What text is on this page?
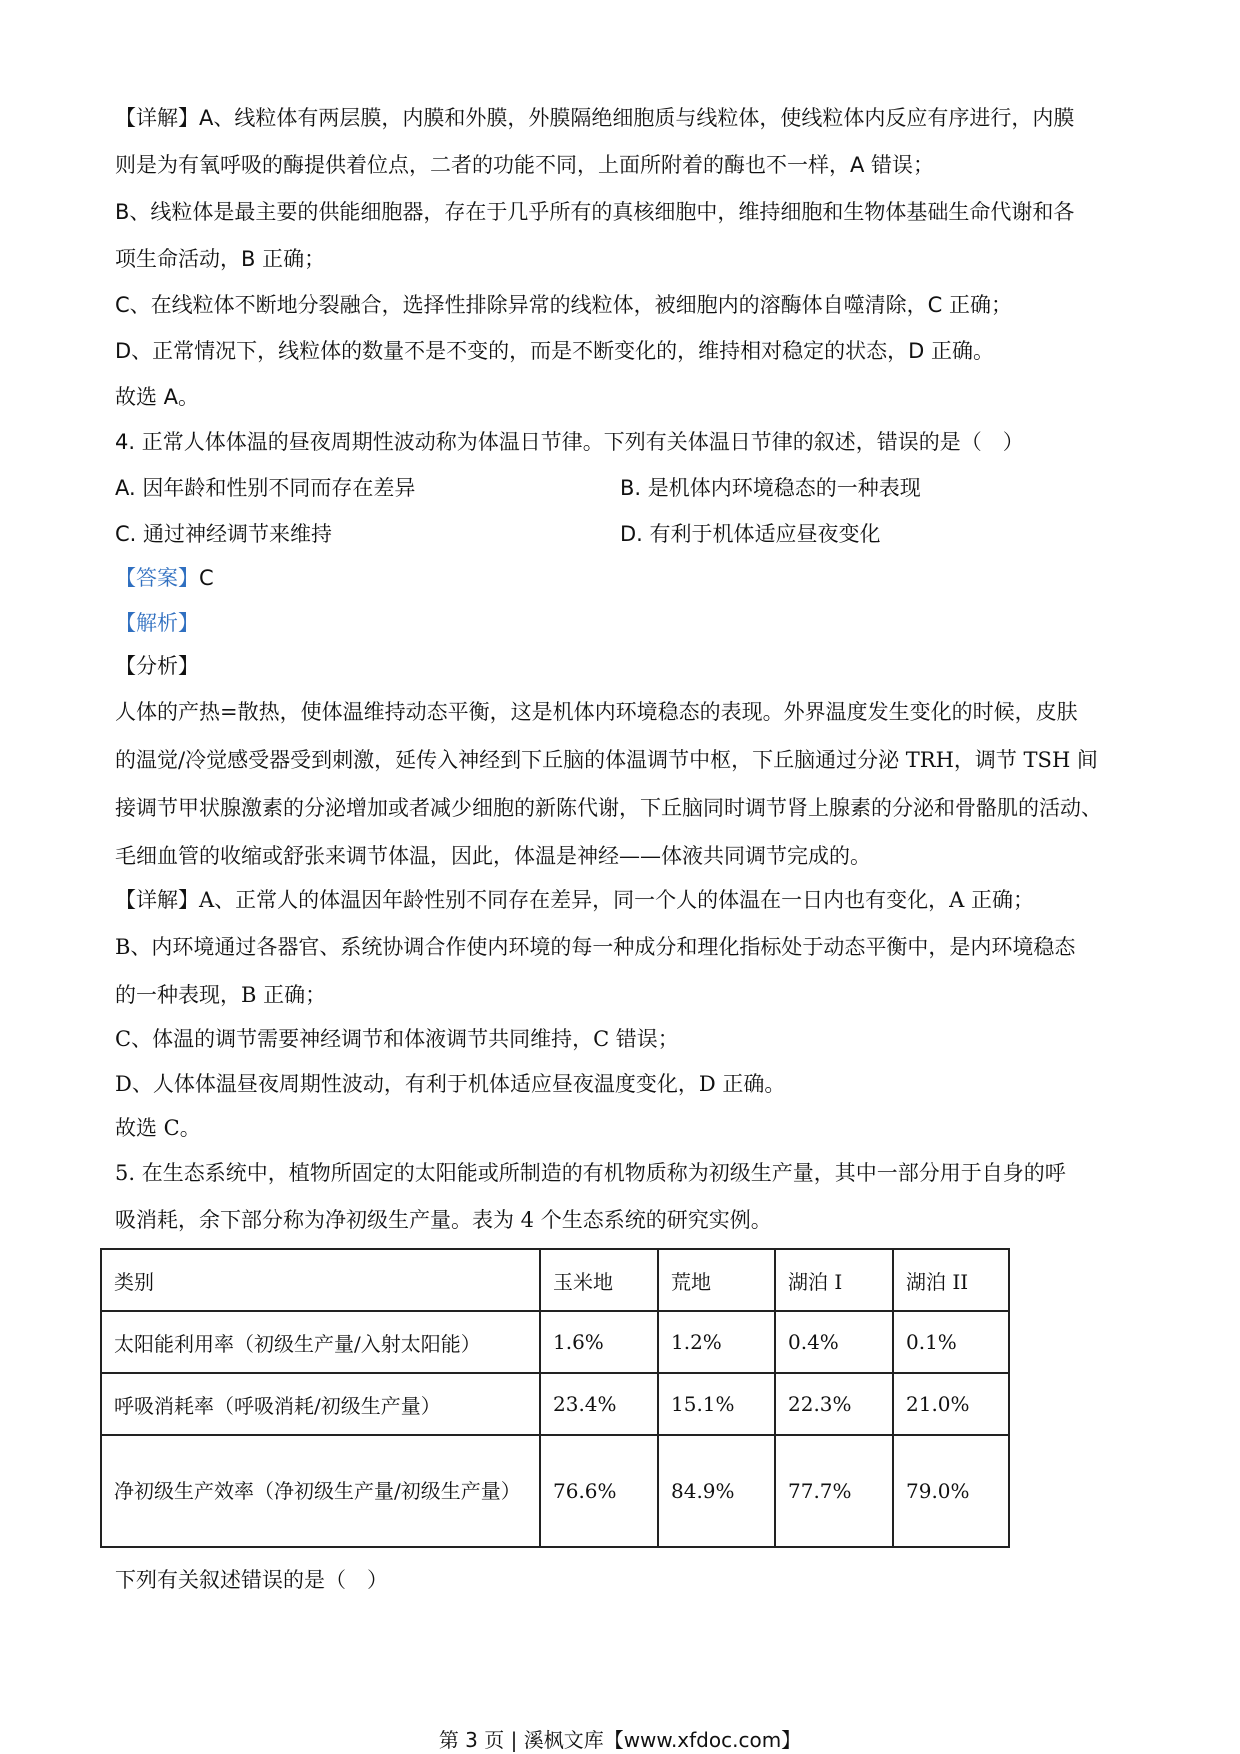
【详解】A、线粒体有两层膜，内膜和外膜，外膜隔绝细胞质与线粒体，使线粒体内反应有序进行，内膜
则是为有氧呼吸的酶提供着位点，二者的功能不同，上面所附着的酶也不一样，A 错误；
B、线粒体是最主要的供能细胞器，存在于几乎所有的真核细胞中，维持细胞和生物体基础生命代谢和各
项生命活动，B 正确；
C、在线粒体不断地分裂融合，选择性排除异常的线粒体，被细胞内的溶酶体自噬清除，C 正确；
D、正常情况下，线粒体的数量不是不变的，而是不断变化的，维持相对稳定的状态，D 正确。
故选 A。
4. 正常人体体温的昼夜周期性波动称为体温日节律。下列有关体温日节律的叙述，错误的是（　）
A. 因年龄和性别不同而存在差异	B. 是机体内环境稳态的一种表现
C. 通过神经调节来维持	D. 有利于机体适应昼夜变化
【答案】C
【解析】
【分析】
人体的产热=散热，使体温维持动态平衡，这是机体内环境稳态的表现。外界温度发生变化的时候，皮肤
的温觉/冷觉感受器受到刺激，延传入神经到下丘脑的体温调节中枢，下丘脑通过分泌 TRH，调节 TSH 间
接调节甲状腺激素的分泌增加或者减少细胞的新陈代谢，下丘脑同时调节肾上腺素的分泌和骨骼肌的活动、
毛细血管的收缩或舒张来调节体温，因此，体温是神经——体液共同调节完成的。
【详解】A、正常人的体温因年龄性别不同存在差异，同一个人的体温在一日内也有变化，A 正确；
B、内环境通过各器官、系统协调合作使内环境的每一种成分和理化指标处于动态平衡中，是内环境稳态
的一种表现，B 正确；
C、体温的调节需要神经调节和体液调节共同维持，C 错误；
D、人体体温昼夜周期性波动，有利于机体适应昼夜温度变化，D 正确。
故选 C。
5. 在生态系统中，植物所固定的太阳能或所制造的有机物质称为初级生产量，其中一部分用于自身的呼
吸消耗，余下部分称为净初级生产量。表为 4 个生态系统的研究实例。
类别	玉米地	荒地	湖泊 I	湖泊 II
太阳能利用率（初级生产量/入射太阳能）	1.6%	1.2%	0.4%	0.1%
呼吸消耗率（呼吸消耗/初级生产量）	23.4%	15.1%	22.3%	21.0%
净初级生产效率（净初级生产量/初级生产量）	76.6%	84.9%	77.7%	79.0%
下列有关叙述错误的是（　）
第 3 页 | 溪枫文库【www.xfdoc.com】
